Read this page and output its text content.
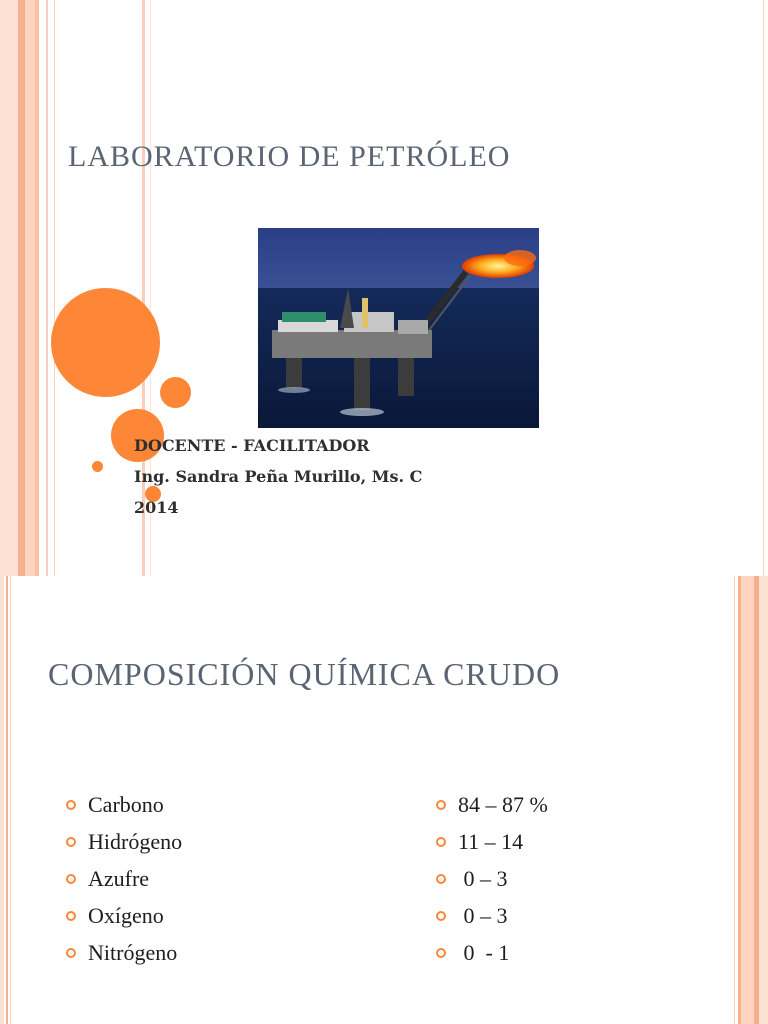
LABORATORIO DE PETRÓLEO
DOCENTE - FACILITADOR
Ing. Sandra Peña Murillo, Ms. C
2014
COMPOSICIÓN QUÍMICA CRUDO
Carbono
Hidrógeno
Azufre
Oxígeno
Nitrógeno
84 – 87 %
11 – 14
0 – 3
0 – 3
0  - 1
